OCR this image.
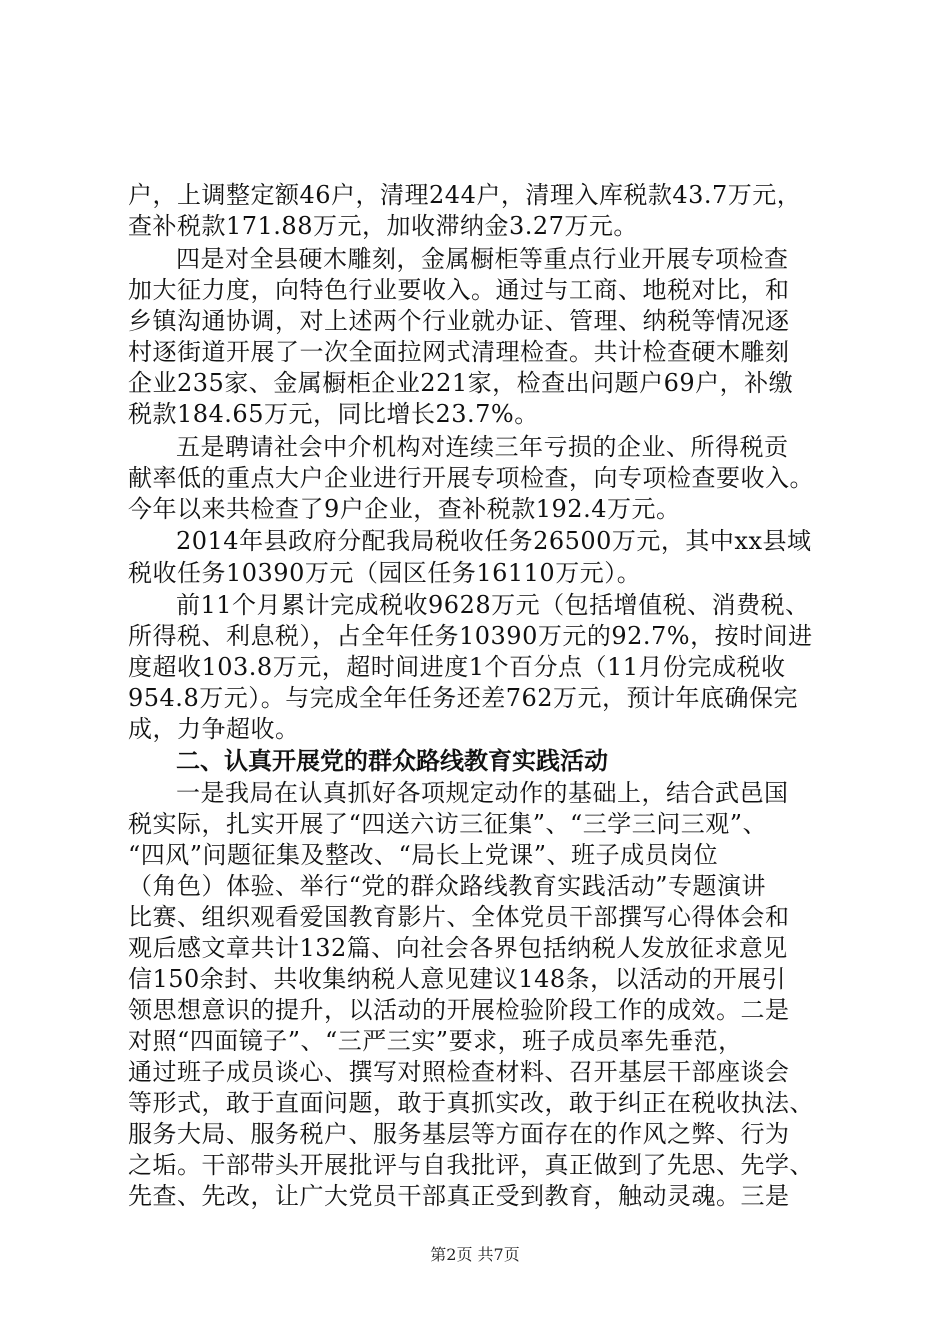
户，上调整定额46户，清理244户，清理入库税款43.7万元，
查补税款171.88万元，加收滞纳金3.27万元。
四是对全县硬木雕刻，金属橱柜等重点行业开展专项检查
加大征力度，向特色行业要收入。通过与工商、地税对比，和
乡镇沟通协调，对上述两个行业就办证、管理、纳税等情况逐
村逐街道开展了一次全面拉网式清理检查。共计检查硬木雕刻
企业235家、金属橱柜企业221家，检查出问题户69户，补缴
税款184.65万元，同比增长23.7%。
五是聘请社会中介机构对连续三年亏损的企业、所得税贡
献率低的重点大户企业进行开展专项检查，向专项检查要收入。
今年以来共检查了9户企业，查补税款192.4万元。
2014年县政府分配我局税收任务26500万元，其中xx县域
税收任务10390万元（园区任务16110万元）。
前11个月累计完成税收9628万元（包括增值税、消费税、
所得税、利息税），占全年任务10390万元的92.7%，按时间进
度超收103.8万元，超时间进度1个百分点（11月份完成税收
954.8万元）。与完成全年任务还差762万元，预计年底确保完
成，力争超收。
二、认真开展党的群众路线教育实践活动
一是我局在认真抓好各项规定动作的基础上，结合武邑国
税实际，扎实开展了“四送六访三征集”、“三学三问三观”、
“四风”问题征集及整改、“局长上党课”、班子成员岗位
（角色）体验、举行“党的群众路线教育实践活动”专题演讲
比赛、组织观看爱国教育影片、全体党员干部撰写心得体会和
观后感文章共计132篇、向社会各界包括纳税人发放征求意见
信150余封、共收集纳税人意见建议148条，以活动的开展引
领思想意识的提升，以活动的开展检验阶段工作的成效。二是
对照“四面镜子”、“三严三实”要求，班子成员率先垂范，
通过班子成员谈心、撰写对照检查材料、召开基层干部座谈会
等形式，敢于直面问题，敢于真抓实改，敢于纠正在税收执法、
服务大局、服务税户、服务基层等方面存在的作风之弊、行为
之垢。干部带头开展批评与自我批评，真正做到了先思、先学、
先查、先改，让广大党员干部真正受到教育，触动灵魂。三是
第2页 共7页
